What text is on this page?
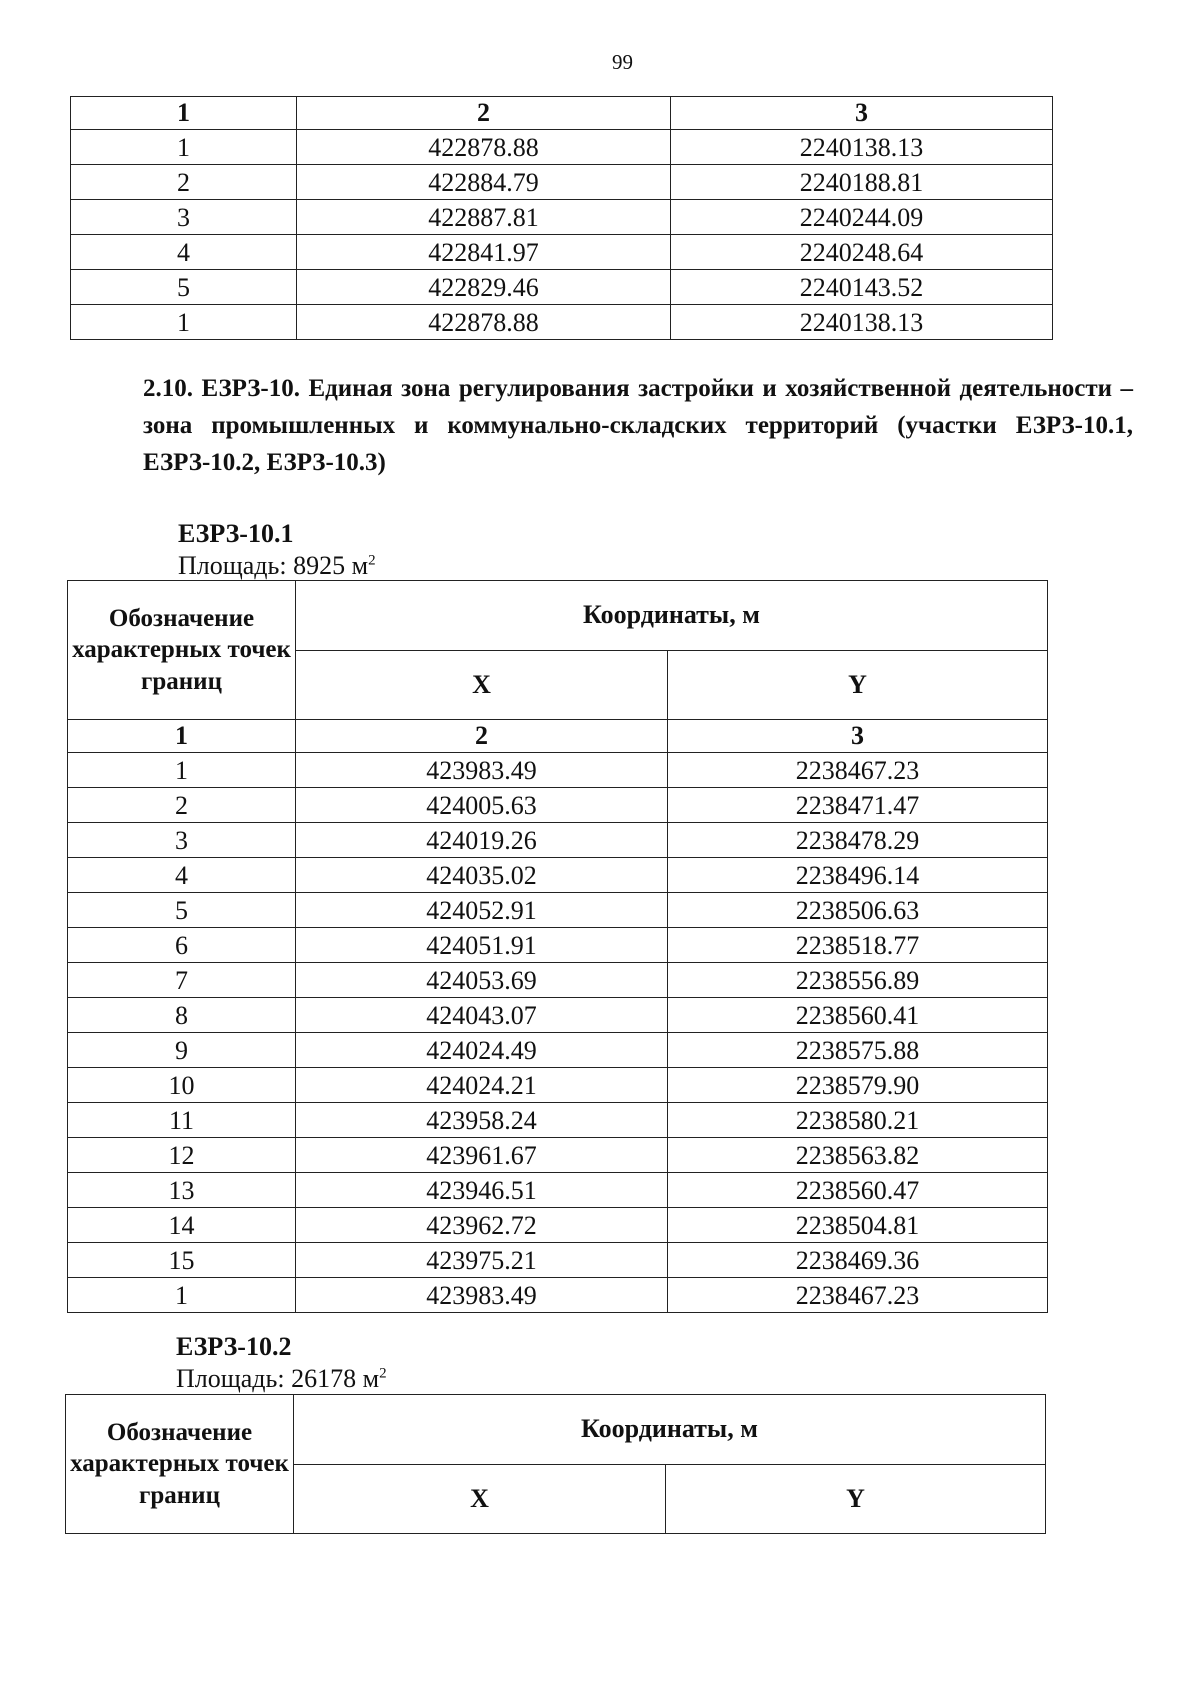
99
1	2	3
1	422878.88	2240138.13
2	422884.79	2240188.81
3	422887.81	2240244.09
4	422841.97	2240248.64
5	422829.46	2240143.52
1	422878.88	2240138.13
2.10. ЕЗРЗ-10. Единая зона регулирования застройки и хозяйственной деятельности – зона промышленных и коммунально-складских территорий (участки ЕЗРЗ-10.1, ЕЗРЗ-10.2, ЕЗРЗ-10.3)
ЕЗРЗ-10.1
Площадь: 8925 $м^2$
Обозначение характерных точек границ	Координаты, м	
	X	Y
1	2	3
1	423983.49	2238467.23
2	424005.63	2238471.47
3	424019.26	2238478.29
4	424035.02	2238496.14
5	424052.91	2238506.63
6	424051.91	2238518.77
7	424053.69	2238556.89
8	424043.07	2238560.41
9	424024.49	2238575.88
10	424024.21	2238579.90
11	423958.24	2238580.21
12	423961.67	2238563.82
13	423946.51	2238560.47
14	423962.72	2238504.81
15	423975.21	2238469.36
1	423983.49	2238467.23
ЕЗРЗ-10.2
Площадь: 26178 $м^2$
Обозначение характерных точек границ	Координаты, м	
	X	Y
